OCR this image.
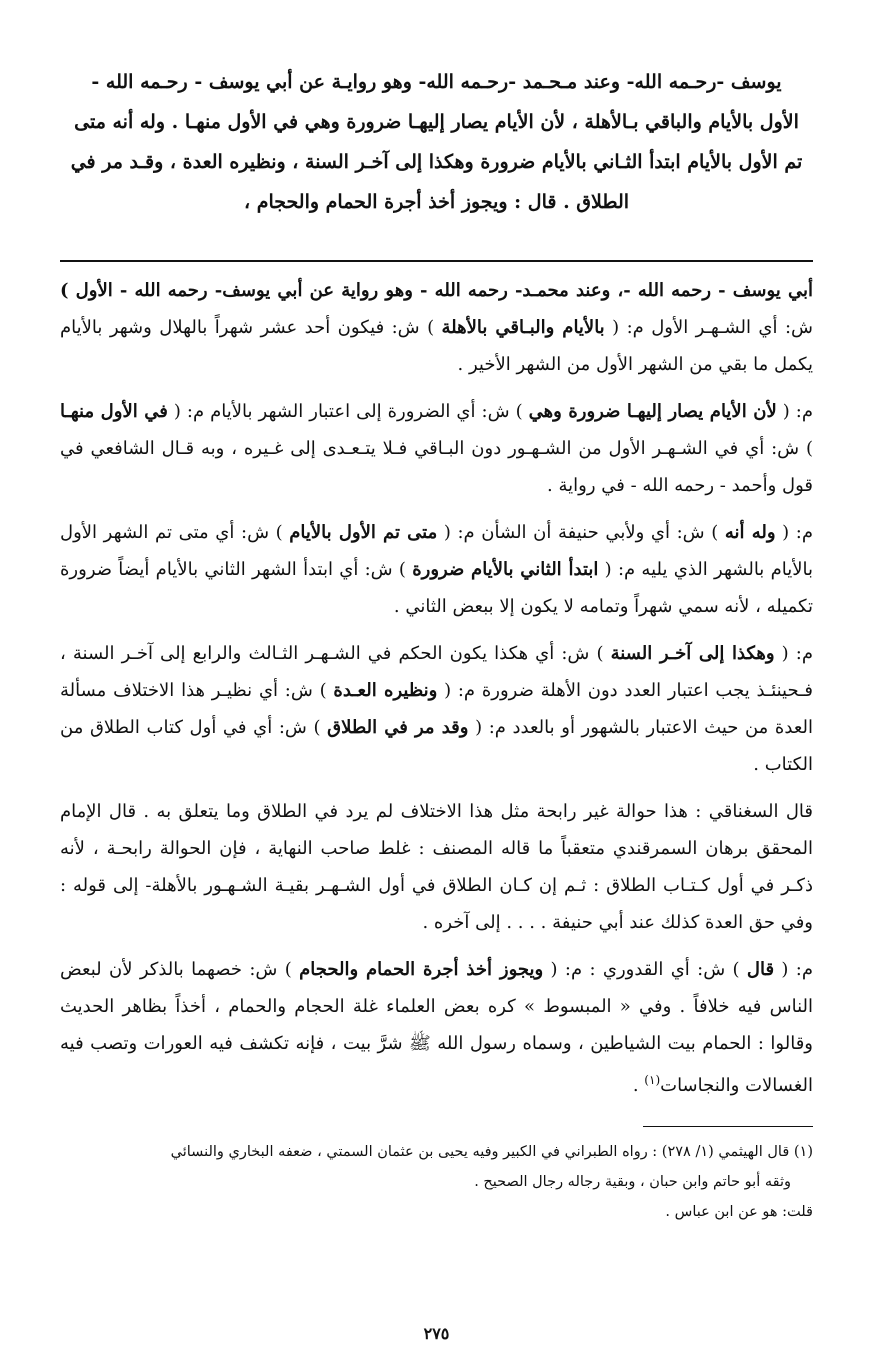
يوسف -رحـمه الله- وعند مـحـمد -رحـمه الله- وهو روايـة عن أبي يوسف - رحـمه الله -
الأول بالأيام والباقي بـالأهلة ، لأن الأيام يصار إليهـا ضرورة وهي في الأول منهـا . وله أنه متى
تم الأول بالأيام ابتدأ الثـاني بالأيام ضرورة وهكذا إلى آخـر السنة ، ونظيره العدة ، وقـد مر في
الطلاق . قال : ويجوز أخذ أجرة الحمام والحجام ،

أبي يوسف - رحمه الله -، وعند محمـد- رحمه الله - وهو رواية عن أبي يوسف- رحمه الله - الأول ) ش: أي الشـهـر الأول م: ( بالأيام والبـاقي بالأهلة ) ش: فيكون أحد عشر شهراً بالهلال وشهر بالأيام يكمل ما بقي من الشهر الأول من الشهر الأخير .

م: ( لأن الأيام يصار إليهـا ضرورة وهي ) ش: أي الضرورة إلى اعتبار الشهر بالأيام م: ( في الأول منهـا ) ش: أي في الشـهـر الأول من الشـهـور دون البـاقي فـلا يتـعـدى إلى غـيره ، وبه قـال الشافعي في قول وأحمد - رحمه الله - في رواية .

م: ( وله أنه ) ش: أي ولأبي حنيفة أن الشأن م: ( متى تم الأول بالأيام ) ش: أي متى تم الشهر الأول بالأيام بالشهر الذي يليه م: ( ابتدأ الثاني بالأيام ضرورة ) ش: أي ابتدأ الشهر الثاني بالأيام أيضاً ضرورة تكميله ، لأنه سمي شهراً وتمامه لا يكون إلا ببعض الثاني .

م: ( وهكذا إلى آخـر السنة ) ش: أي هكذا يكون الحكم في الشـهـر الثـالث والرابع إلى آخـر السنة ، فـحينئـذ يجب اعتبار العدد دون الأهلة ضرورة م: ( ونظيره العـدة ) ش: أي نظيـر هذا الاختلاف مسألة العدة من حيث الاعتبار بالشهور أو بالعدد م: ( وقد مر في الطلاق ) ش: أي في أول كتاب الطلاق من الكتاب .

قال السغناقي : هذا حوالة غير رابحة مثل هذا الاختلاف لم يرد في الطلاق وما يتعلق به . قال الإمام المحقق برهان السمرقندي متعقباً ما قاله المصنف : غلط صاحب النهاية ، فإن الحوالة رابحـة ، لأنه ذكـر في أول كـتـاب الطلاق : ثـم إن كـان الطلاق في أول الشـهـر بقيـة الشـهـور بالأهلة- إلى قوله : وفي حق العدة كذلك عند أبي حنيفة . . . . إلى آخره .

م: ( قال ) ش: أي القدوري : م: ( ويجوز أخذ أجرة الحمام والحجام ) ش: خصهما بالذكر لأن لبعض الناس فيه خلافاً . وفي « المبسوط » كره بعض العلماء غلة الحجام والحمام ، أخذاً بظاهر الحديث وقالوا : الحمام بيت الشياطين ، وسماه رسول الله ﷺ شرَّ بيت ، فإنه تكشف فيه العورات وتصب فيه الغسالات والنجاسات$^{(١)}$ .

(١) قال الهيثمي (١/ ٢٧٨) : رواه الطبراني في الكبير وفيه يحيى بن عثمان السمتي ، ضعفه البخاري والنسائي

وثقه أبو حاتم وابن حبان ، وبقية رجاله رجال الصحيح .

قلت: هو عن ابن عباس .

٢٧٥
